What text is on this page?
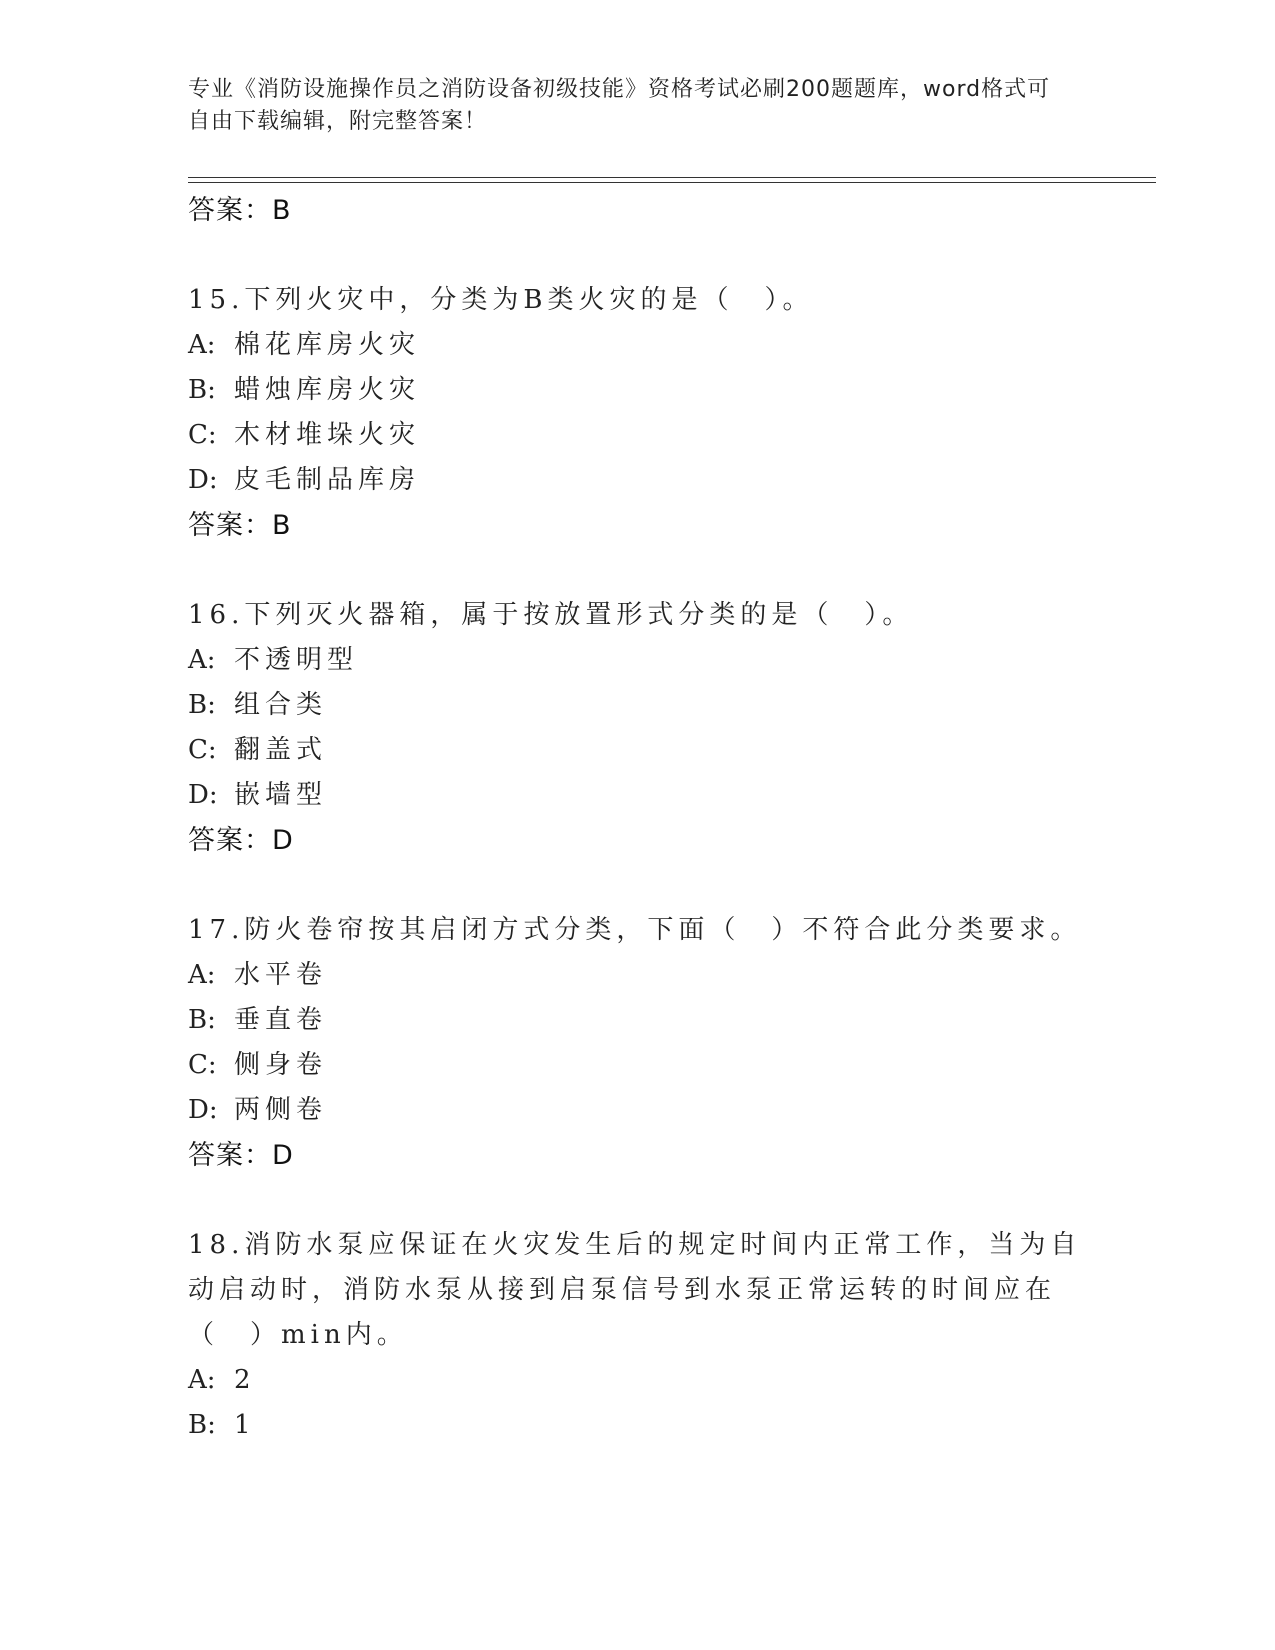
专业《消防设施操作员之消防设备初级技能》资格考试必刷200题题库，word格式可自由下载编辑，附完整答案！
答案：B
15.下列火灾中，分类为B类火灾的是（　）。
A: 棉花库房火灾
B: 蜡烛库房火灾
C: 木材堆垛火灾
D: 皮毛制品库房
答案：B
16.下列灭火器箱，属于按放置形式分类的是（　）。
A: 不透明型
B: 组合类
C: 翻盖式
D: 嵌墙型
答案：D
17.防火卷帘按其启闭方式分类，下面（　）不符合此分类要求。
A: 水平卷
B: 垂直卷
C: 侧身卷
D: 两侧卷
答案：D
18.消防水泵应保证在火灾发生后的规定时间内正常工作，当为自动启动时，消防水泵从接到启泵信号到水泵正常运转的时间应在（　）min内。
A: 2
B: 1
